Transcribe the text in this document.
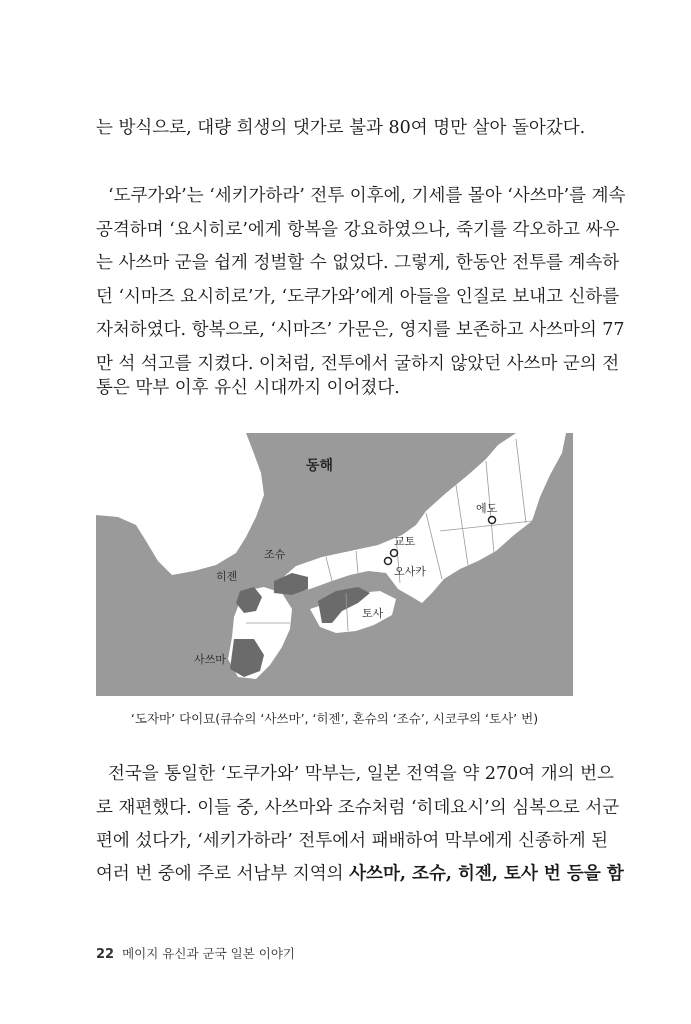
는 방식으로, 대량 희생의 댓가로 불과 80여 명만 살아 돌아갔다.
‘도쿠가와’는 ‘세키가하라’ 전투 이후에, 기세를 몰아 ‘사쓰마’를 계속
공격하며 ‘요시히로’에게 항복을 강요하였으나, 죽기를 각오하고 싸우
는 사쓰마 군을 쉽게 정벌할 수 없었다. 그렇게, 한동안 전투를 계속하
던 ‘시마즈 요시히로’가, ‘도쿠가와’에게 아들을 인질로 보내고 신하를
자처하였다. 항복으로, ‘시마즈’ 가문은, 영지를 보존하고 사쓰마의 77
만 석 석고를 지켰다. 이처럼, 전투에서 굴하지 않았던 사쓰마 군의 전
통은 막부 이후 유신 시대까지 이어졌다.
동해
에도
교토
오사카
조슈
히젠
토사
사쓰마
‘도자마’ 다이묘(큐슈의 ‘사쓰마’, ‘히젠’, 혼슈의 ‘조슈’, 시코쿠의 ‘토사’ 번)
전국을 통일한 ‘도쿠가와’ 막부는, 일본 전역을 약 270여 개의 번으
로 재편했다. 이들 중, 사쓰마와 조슈처럼 ‘히데요시’의 심복으로 서군
편에 섰다가, ‘세키가하라’ 전투에서 패배하여 막부에게 신종하게 된
여러 번 중에 주로 서남부 지역의 사쓰마, 조슈, 히젠, 토사 번 등을 함
22 메이지 유신과 군국 일본 이야기
